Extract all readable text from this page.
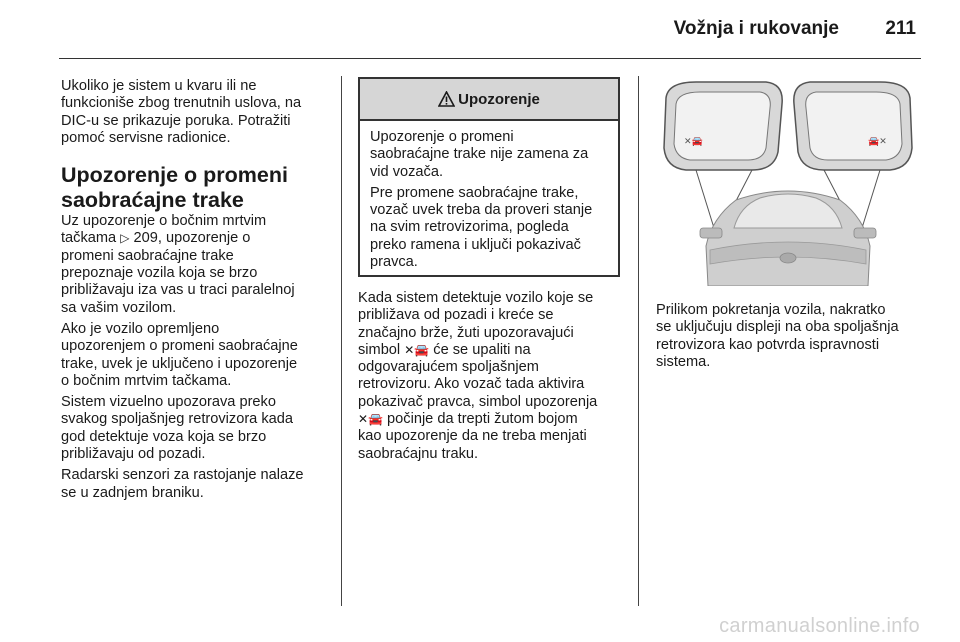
Vožnja i rukovanje 211

Ukoliko je sistem u kvaru ili ne
funkcioniše zbog trenutnih uslova, na
DIC-u se prikazuje poruka. Potražiti
pomoć servisne radionice.

Upozorenje o promeni
saobraćajne trake

Uz upozorenje o bočnim mrtvim
tačkama ▷ 209, upozorenje o
promeni saobraćajne trake
prepoznaje vozila koja se brzo
približavaju iza vas u traci paralelnoj
sa vašim vozilom.

Ako je vozilo opremljeno
upozorenjem o promeni saobraćajne
trake, uvek je uključeno i upozorenje
o bočnim mrtvim tačkama.

Sistem vizuelno upozorava preko
svakog spoljašnjeg retrovizora kada
god detektuje voza koja se brzo
približavaju od pozadi.

Radarski senzori za rastojanje nalaze
se u zadnjem braniku.

Upozorenje

Upozorenje o promeni
saobraćajne trake nije zamena za
vid vozača.

Pre promene saobraćajne trake,
vozač uvek treba da proveri stanje
na svim retrovizorima, pogleda
preko ramena i uključi pokazivač
pravca.

Kada sistem detektuje vozilo koje se
približava od pozadi i kreće se
značajno brže, žuti upozoravajući
simbol ✕🚘 će se upaliti na
odgovarajućem spoljašnjem
retrovizoru. Ako vozač tada aktivira
pokazivač pravca, simbol upozorenja
✕🚘 počinje da trepti žutom bojom
kao upozorenje da ne treba menjati
saobraćajnu traku.

✕🚘	🚘✕

Prilikom pokretanja vozila, nakratko
se uključuju displeji na oba spoljašnja
retrovizora kao potvrda ispravnosti
sistema.

carmanualsonline.info
